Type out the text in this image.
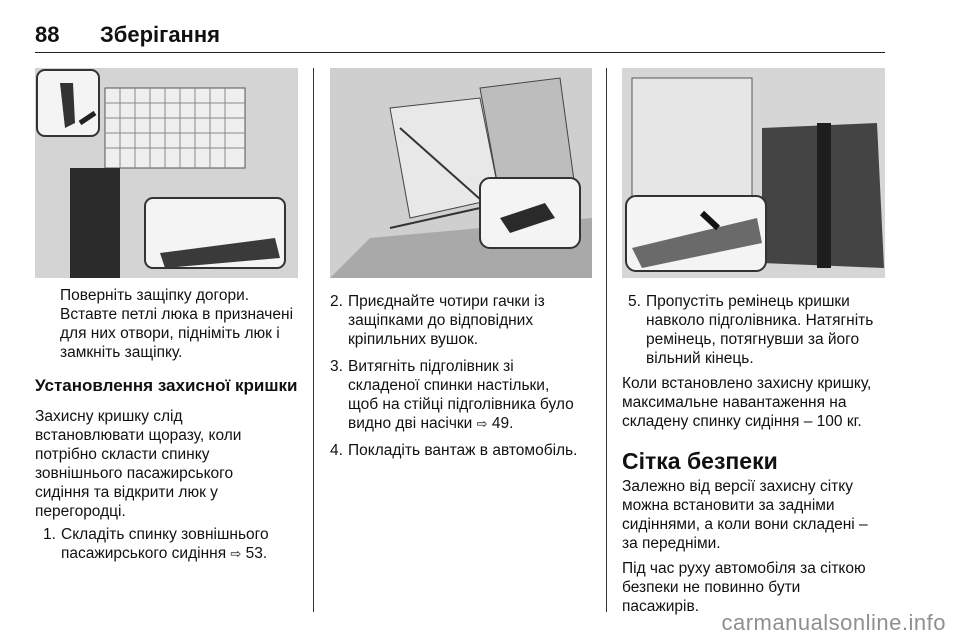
88 Зберігання

Поверніть защіпку догори.

Вставте петлі люка в призначені

для них отвори, підніміть люк і

замкніть защіпку.

Установлення захисної кришки

Захисну кришку слід

встановлювати щоразу, коли

потрібно скласти спинку

зовнішнього пасажирського

сидіння та відкрити люк у

перегородці.

1. Складіть спинку зовнішнього

пасажирського сидіння ⇨ 53.

2. Приєднайте чотири гачки із

защіпками до відповідних

кріпильних вушок.

3. Витягніть підголівник зі

складеної спинки настільки,

щоб на стійці підголівника було

видно дві насічки ⇨ 49.

4. Покладіть вантаж в автомобіль.

5. Пропустіть ремінець кришки

навколо підголівника. Натягніть

ремінець, потягнувши за його

вільний кінець.

Коли встановлено захисну кришку,

максимальне навантаження на

складену спинку сидіння – 100 кг.

Сітка безпеки

Залежно від версії захисну сітку

можна встановити за задніми

сидіннями, а коли вони складені –

за передніми.

Під час руху автомобіля за сіткою

безпеки не повинно бути

пасажирів.

carmanualsonline.info
